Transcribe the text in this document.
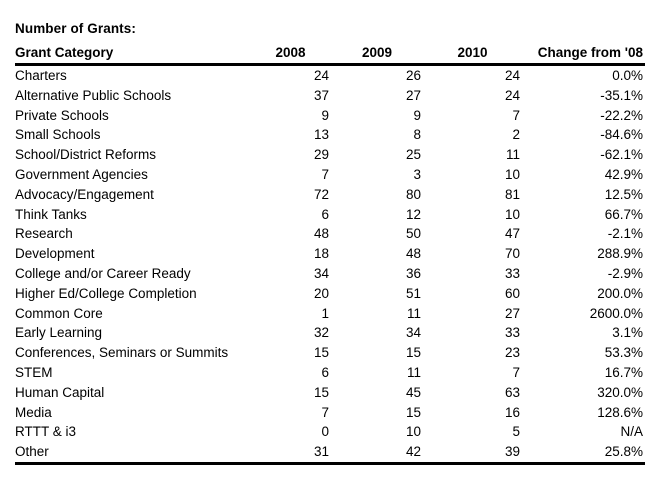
Number of Grants:
Grant Category	2008	2009	2010	Change from '08
Charters	24	26	24	0.0%
Alternative Public Schools	37	27	24	-35.1%
Private Schools	9	9	7	-22.2%
Small Schools	13	8	2	-84.6%
School/District Reforms	29	25	11	-62.1%
Government Agencies	7	3	10	42.9%
Advocacy/Engagement	72	80	81	12.5%
Think Tanks	6	12	10	66.7%
Research	48	50	47	-2.1%
Development	18	48	70	288.9%
College and/or Career Ready	34	36	33	-2.9%
Higher Ed/College Completion	20	51	60	200.0%
Common Core	1	11	27	2600.0%
Early Learning	32	34	33	3.1%
Conferences, Seminars or Summits	15	15	23	53.3%
STEM	6	11	7	16.7%
Human Capital	15	45	63	320.0%
Media	7	15	16	128.6%
RTTT & i3	0	10	5	N/A
Other	31	42	39	25.8%
